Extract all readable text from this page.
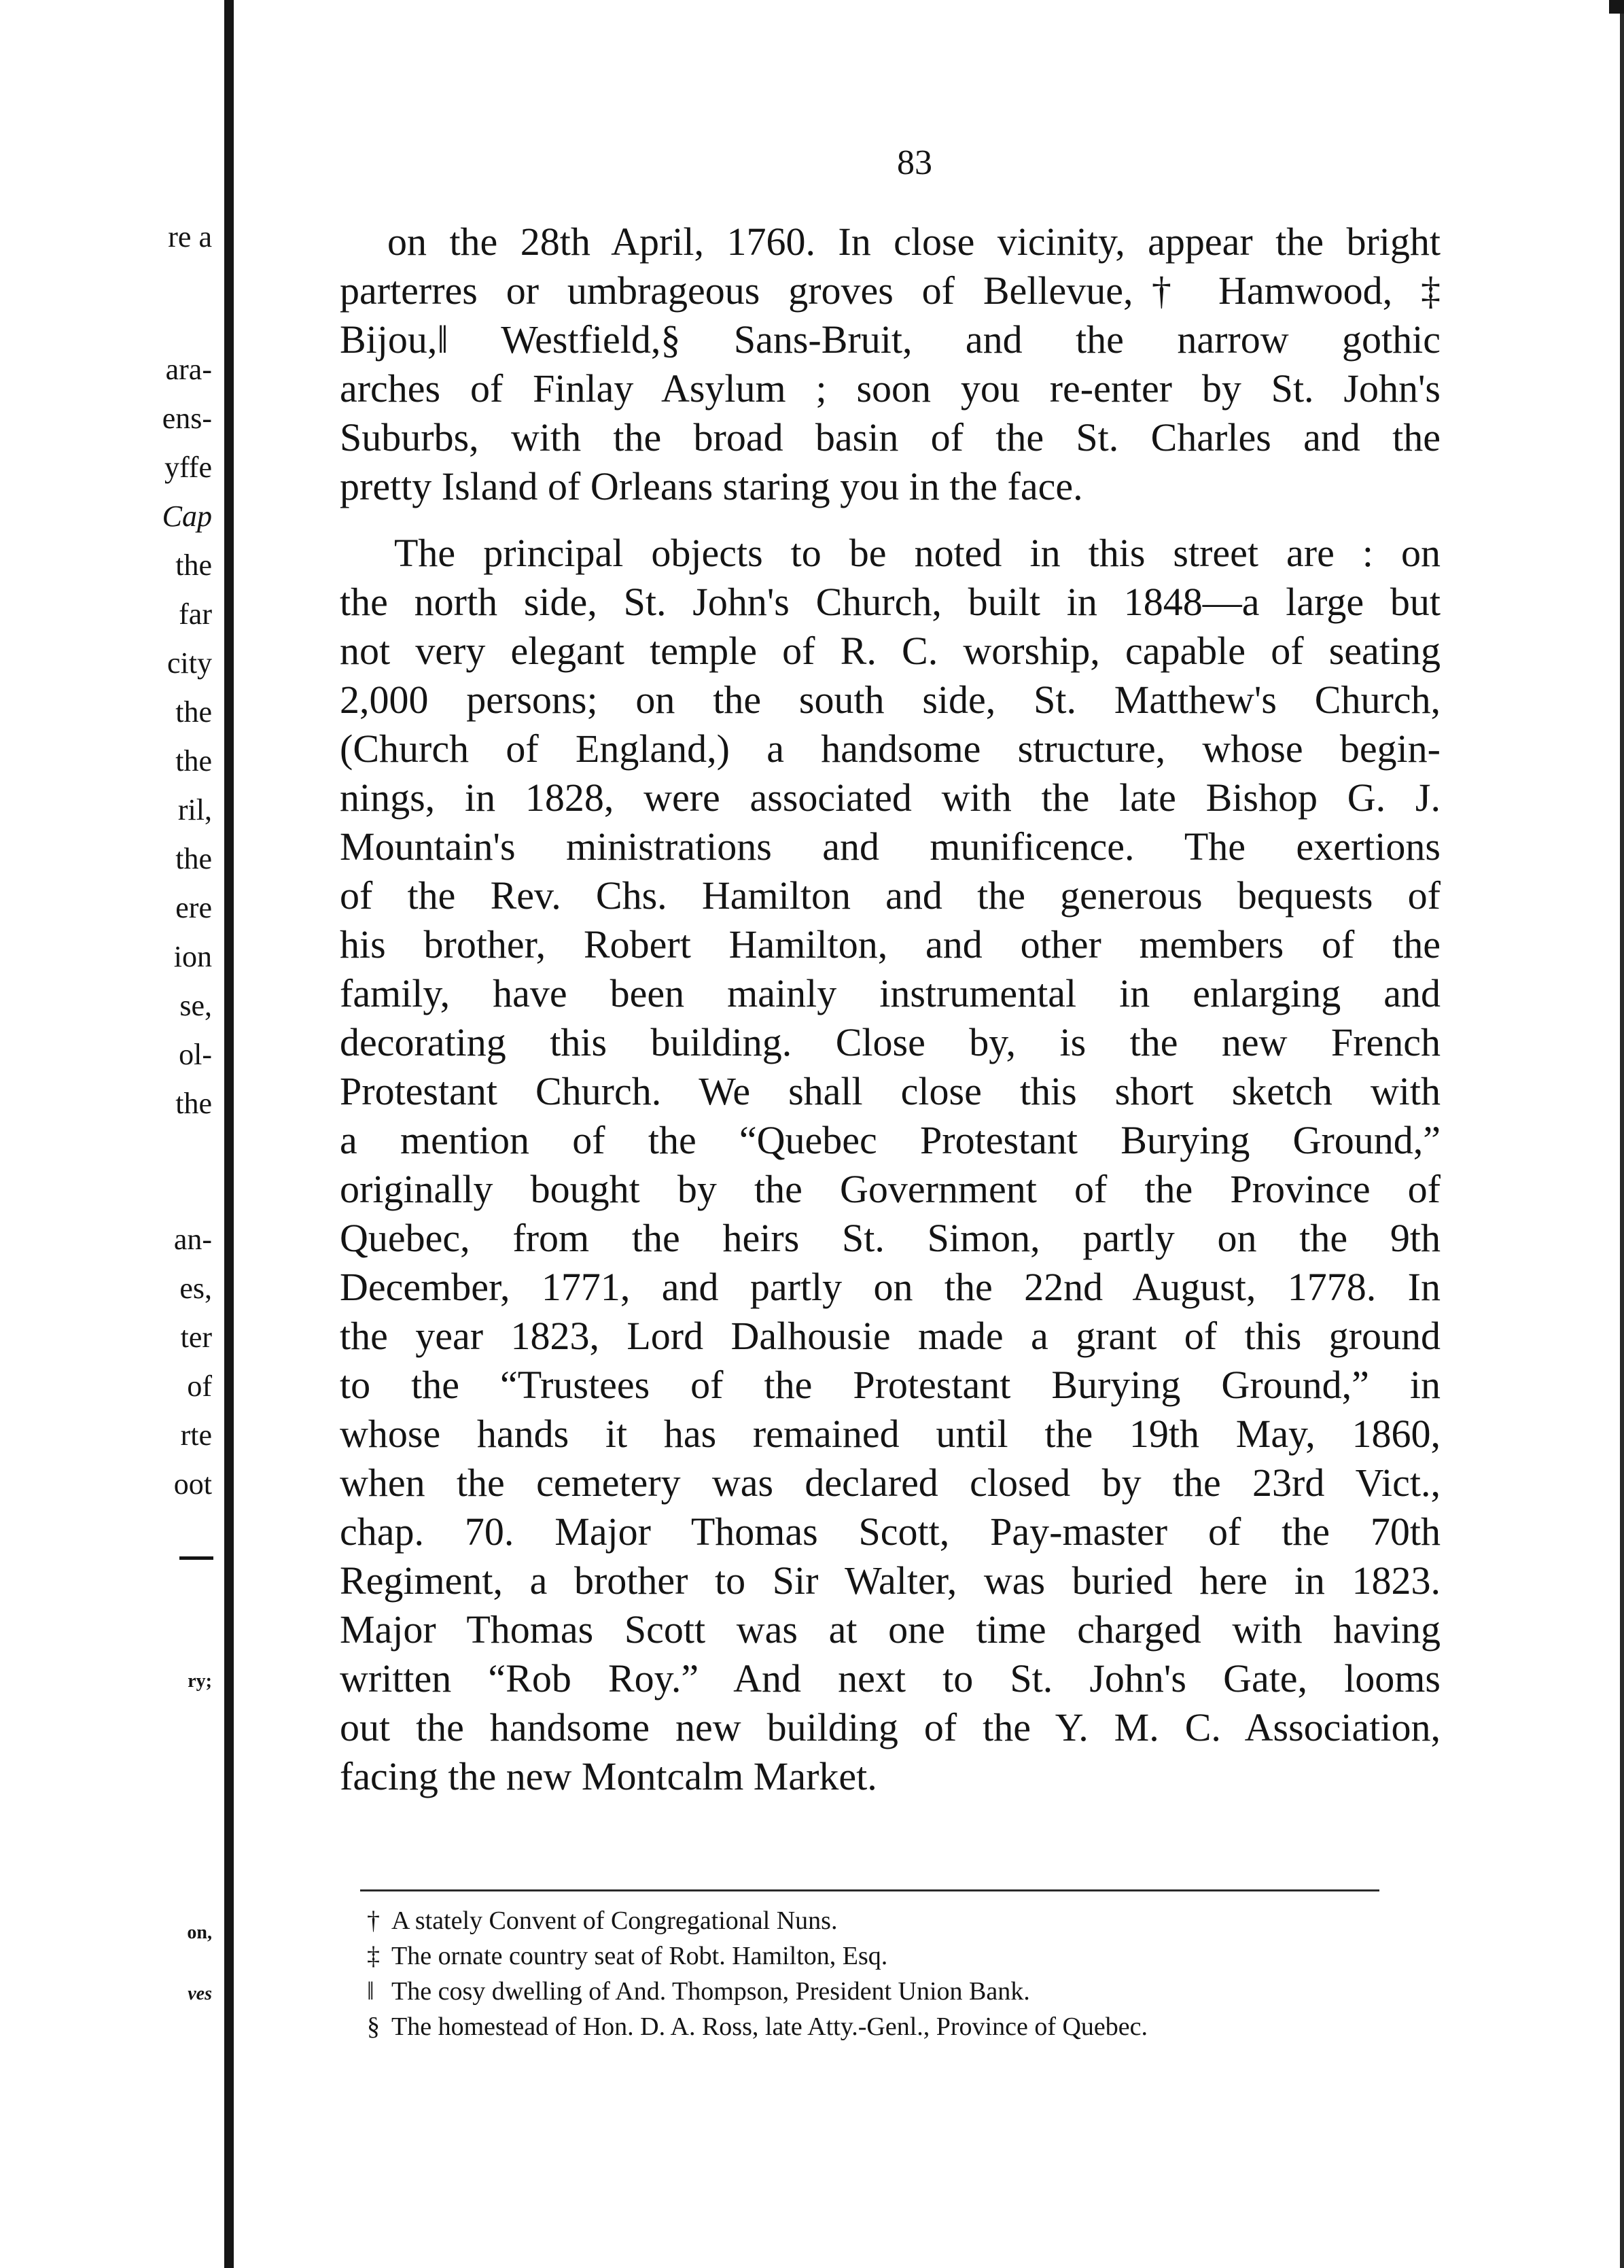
re a
ara-
ens-
yffe
Cap
the
far
city
the
the
ril,
the
ere
ion
se,
ol-
the
an-
es,
ter
of
rte
oot
ry;
on,
ves
83

on the 28th April, 1760. In close vicinity, appear the bright
parterres or umbrageous groves of Bellevue,† Hamwood, ‡
Bijou,‖ Westfield,§ Sans-Bruit, and the narrow gothic
arches of Finlay Asylum ; soon you re-enter by St. John's
Suburbs, with the broad basin of the St. Charles and the
pretty Island of Orleans staring you in the face.

The principal objects to be noted in this street are : on
the north side, St. John's Church, built in 1848—a large but
not very elegant temple of R. C. worship, capable of seating
2,000 persons; on the south side, St. Matthew's Church,
(Church of England,) a handsome structure, whose begin-
nings, in 1828, were associated with the late Bishop G. J.
Mountain's ministrations and munificence. The exertions
of the Rev. Chs. Hamilton and the generous bequests of
his brother, Robert Hamilton, and other members of the
family, have been mainly instrumental in enlarging and
decorating this building. Close by, is the new French
Protestant Church. We shall close this short sketch with
a mention of the “Quebec Protestant Burying Ground,”
originally bought by the Government of the Province of
Quebec, from the heirs St. Simon, partly on the 9th
December, 1771, and partly on the 22nd August, 1778. In
the year 1823, Lord Dalhousie made a grant of this ground
to the “Trustees of the Protestant Burying Ground,” in
whose hands it has remained until the 19th May, 1860,
when the cemetery was declared closed by the 23rd Vict.,
chap. 70. Major Thomas Scott, Pay-master of the 70th
Regiment, a brother to Sir Walter, was buried here in 1823.
Major Thomas Scott was at one time charged with having
written “Rob Roy.” And next to St. John's Gate, looms
out the handsome new building of the Y. M. C. Association,
facing the new Montcalm Market.

† A stately Convent of Congregational Nuns.
‡ The ornate country seat of Robt. Hamilton, Esq.
‖ The cosy dwelling of And. Thompson, President Union Bank.
§ The homestead of Hon. D. A. Ross, late Atty.-Genl., Province of Quebec.
